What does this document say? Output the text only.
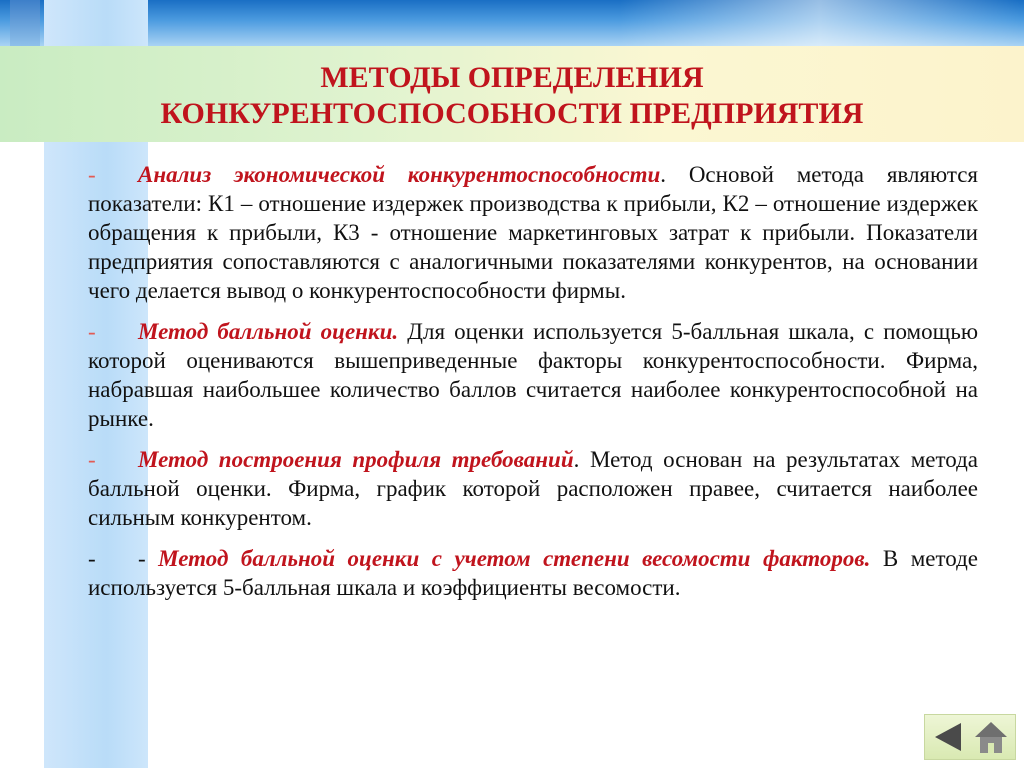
МЕТОДЫ ОПРЕДЕЛЕНИЯ
КОНКУРЕНТОСПОСОБНОСТИ ПРЕДПРИЯТИЯ

- Анализ экономической конкурентоспособности. Основой метода являются показатели: К1 – отношение издержек производства к прибыли, К2 – отношение издержек обращения к прибыли, К3 - отношение маркетинговых затрат к прибыли. Показатели предприятия сопоставляются с аналогичными показателями конкурентов, на основании чего делается вывод о конкурентоспособности фирмы.

- Метод балльной оценки. Для оценки используется 5-балльная шкала, с помощью которой оцениваются вышеприведенные факторы конкурентоспособности. Фирма, набравшая наибольшее количество баллов считается наиболее конкурентоспособной на рынке.

- Метод построения профиля требований. Метод основан на результатах метода балльной оценки. Фирма, график которой расположен правее, считается наиболее сильным конкурентом.

- - Метод балльной оценки с учетом степени весомости факторов. В методе используется 5-балльная шкала и коэффициенты весомости.
